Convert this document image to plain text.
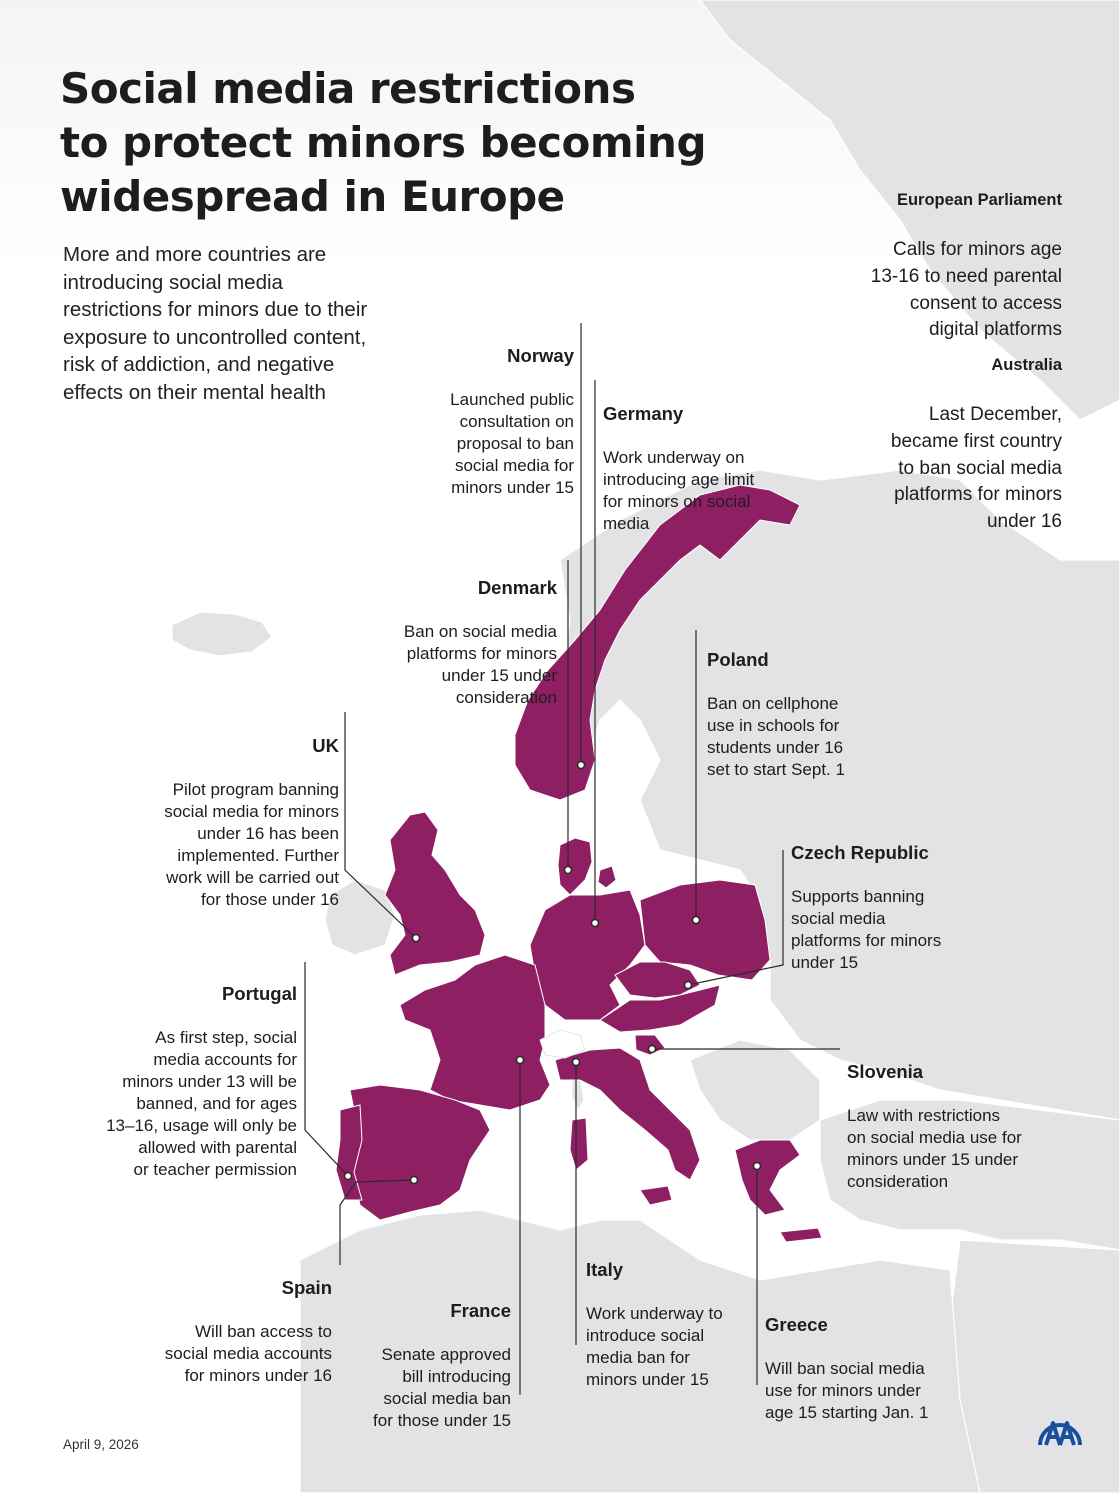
Social media restrictions
to protect minors becoming
widespread in Europe
More and more countries are
introducing social media
restrictions for minors due to their
exposure to uncontrolled content,
risk of addiction, and negative
effects on their mental health

European Parliament

Calls for minors age
13-16 to need parental
consent to access
digital platforms

Australia

Last December,
became first country
to ban social media
platforms for minors
under 16

Norway

Launched public
consultation on
proposal to ban
social media for
minors under 15

Germany

Work underway on
introducing age limit
for minors on social
media

Denmark

Ban on social media
platforms for minors
under 15 under
consideration

Poland

Ban on cellphone
use in schools for
students under 16
set to start Sept. 1

UK

Pilot program banning
social media for minors
under 16 has been
implemented. Further
work will be carried out
for those under 16

Czech Republic

Supports banning
social media
platforms for minors
under 15

Portugal

As first step, social
media accounts for
minors under 13 will be
banned, and for ages
13–16, usage will only be
allowed with parental
or teacher permission

Slovenia

Law with restrictions
on social media use for
minors under 15 under
consideration

Spain

Will ban access to
social media accounts
for minors under 16

France

Senate approved
bill introducing
social media ban
for those under 15

Italy

Work underway to
introduce social
media ban for
minors under 15

Greece

Will ban social media
use for minors under
age 15 starting Jan. 1

April 9, 2026
